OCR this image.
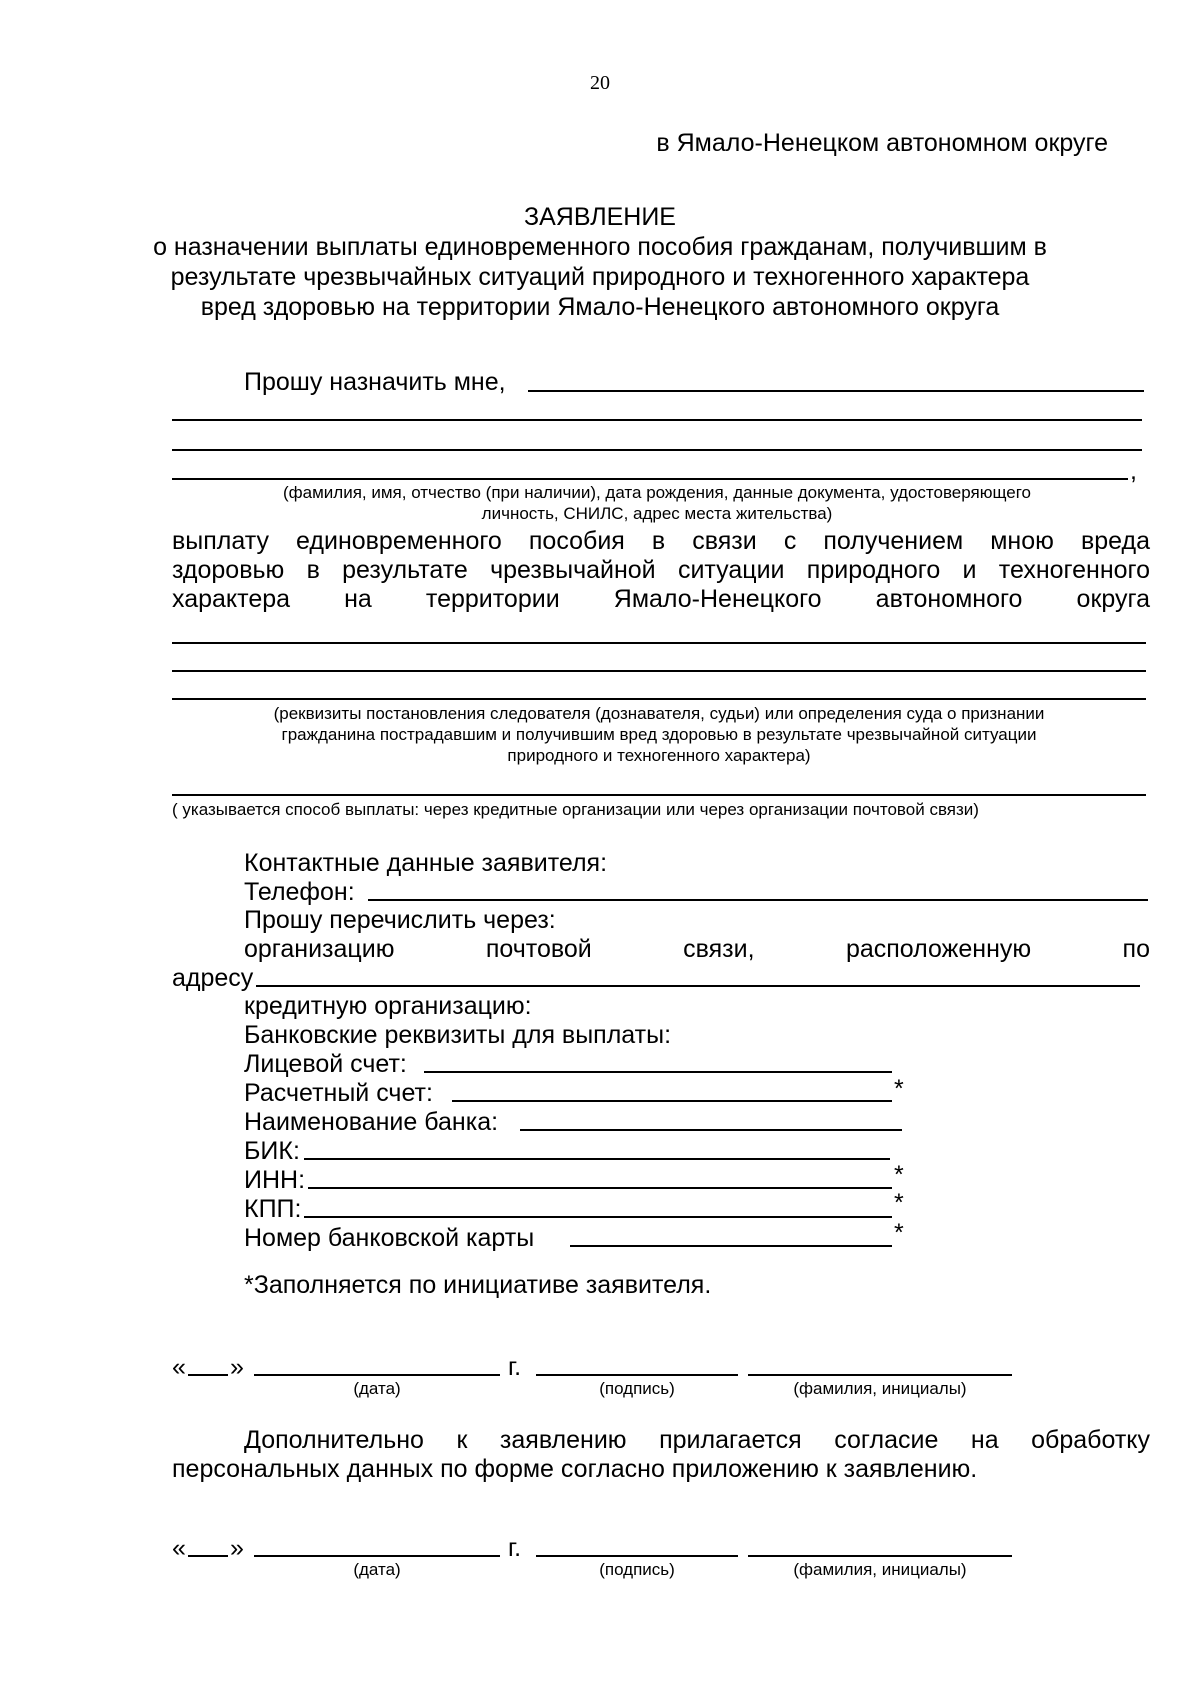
20
в Ямало-Ненецком автономном округе
ЗАЯВЛЕНИЕ
о назначении выплаты единовременного пособия гражданам, получившим в
результате чрезвычайных ситуаций природного и техногенного характера
вред здоровью на территории Ямало-Ненецкого автономного округа
Прошу назначить мне,
,
(фамилия, имя, отчество (при наличии), дата рождения, данные документа, удостоверяющего
личность, СНИЛС, адрес места жительства)
выплату единовременного пособия в связи с получением мною вреда
здоровью в результате чрезвычайной ситуации природного и техногенного
характера на территории Ямало-Ненецкого автономного округа
(реквизиты постановления следователя (дознавателя, судьи) или определения суда о признании
гражданина пострадавшим и получившим вред здоровью в результате чрезвычайной ситуации
природного и техногенного характера)
( указывается способ выплаты: через кредитные организации или через организации почтовой связи)
Контактные данные заявителя:
Телефон:
Прошу перечислить через:
организацию почтовой связи, расположенную по
адресу
кредитную организацию:
Банковские реквизиты для выплаты:
Лицевой счет:
Расчетный счет:	*
Наименование банка:
БИК:
ИНН:	*
КПП:	*
Номер банковской карты	*
*Заполняется по инициативе заявителя.
« »	г.
(дата)	(подпись)	(фамилия, инициалы)
Дополнительно к заявлению прилагается согласие на обработку
персональных данных по форме согласно приложению к заявлению.
« »	г.
(дата)	(подпись)	(фамилия, инициалы)
